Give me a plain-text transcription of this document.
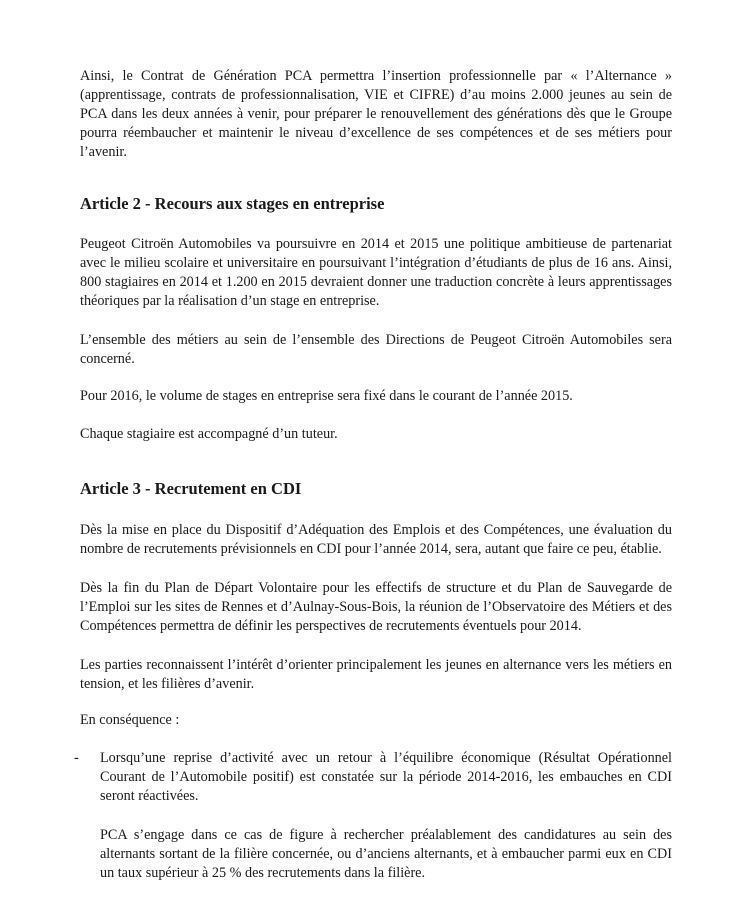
Ainsi, le Contrat de Génération PCA permettra l’insertion professionnelle par « l’Alternance » (apprentissage, contrats de professionnalisation, VIE et CIFRE) d’au moins 2.000 jeunes au sein de PCA dans les deux années à venir, pour préparer le renouvellement des générations dès que le Groupe pourra réembaucher et maintenir le niveau d’excellence de ses compétences et de ses métiers pour l’avenir.

Article 2 - Recours aux stages en entreprise

Peugeot Citroën Automobiles va poursuivre en 2014 et 2015 une politique ambitieuse de partenariat avec le milieu scolaire et universitaire en poursuivant l’intégration d’étudiants de plus de 16 ans. Ainsi, 800 stagiaires en 2014 et 1.200 en 2015 devraient donner une traduction concrète à leurs apprentissages théoriques par la réalisation d’un stage en entreprise.

L’ensemble des métiers au sein de l’ensemble des Directions de Peugeot Citroën Automobiles sera concerné.

Pour 2016, le volume de stages en entreprise sera fixé dans le courant de l’année 2015.

Chaque stagiaire est accompagné d’un tuteur.

Article 3 - Recrutement en CDI

Dès la mise en place du Dispositif d’Adéquation des Emplois et des Compétences, une évaluation du nombre de recrutements prévisionnels en CDI pour l’année 2014, sera, autant que faire ce peu, établie.

Dès la fin du Plan de Départ Volontaire pour les effectifs de structure et du Plan de Sauvegarde de l’Emploi sur les sites de Rennes et d’Aulnay-Sous-Bois, la réunion de l’Observatoire des Métiers et des Compétences permettra de définir les perspectives de recrutements éventuels pour 2014.

Les parties reconnaissent l’intérêt d’orienter principalement les jeunes en alternance vers les métiers en tension, et les filières d’avenir.

En conséquence :

-	Lorsqu’une reprise d’activité avec un retour à l’équilibre économique (Résultat Opérationnel Courant de l’Automobile positif) est constatée sur la période 2014-2016, les embauches en CDI seront réactivées.

PCA s’engage dans ce cas de figure à rechercher préalablement des candidatures au sein des alternants sortant de la filière concernée, ou d’anciens alternants, et à embaucher parmi eux en CDI un taux supérieur à 25 % des recrutements dans la filière.
